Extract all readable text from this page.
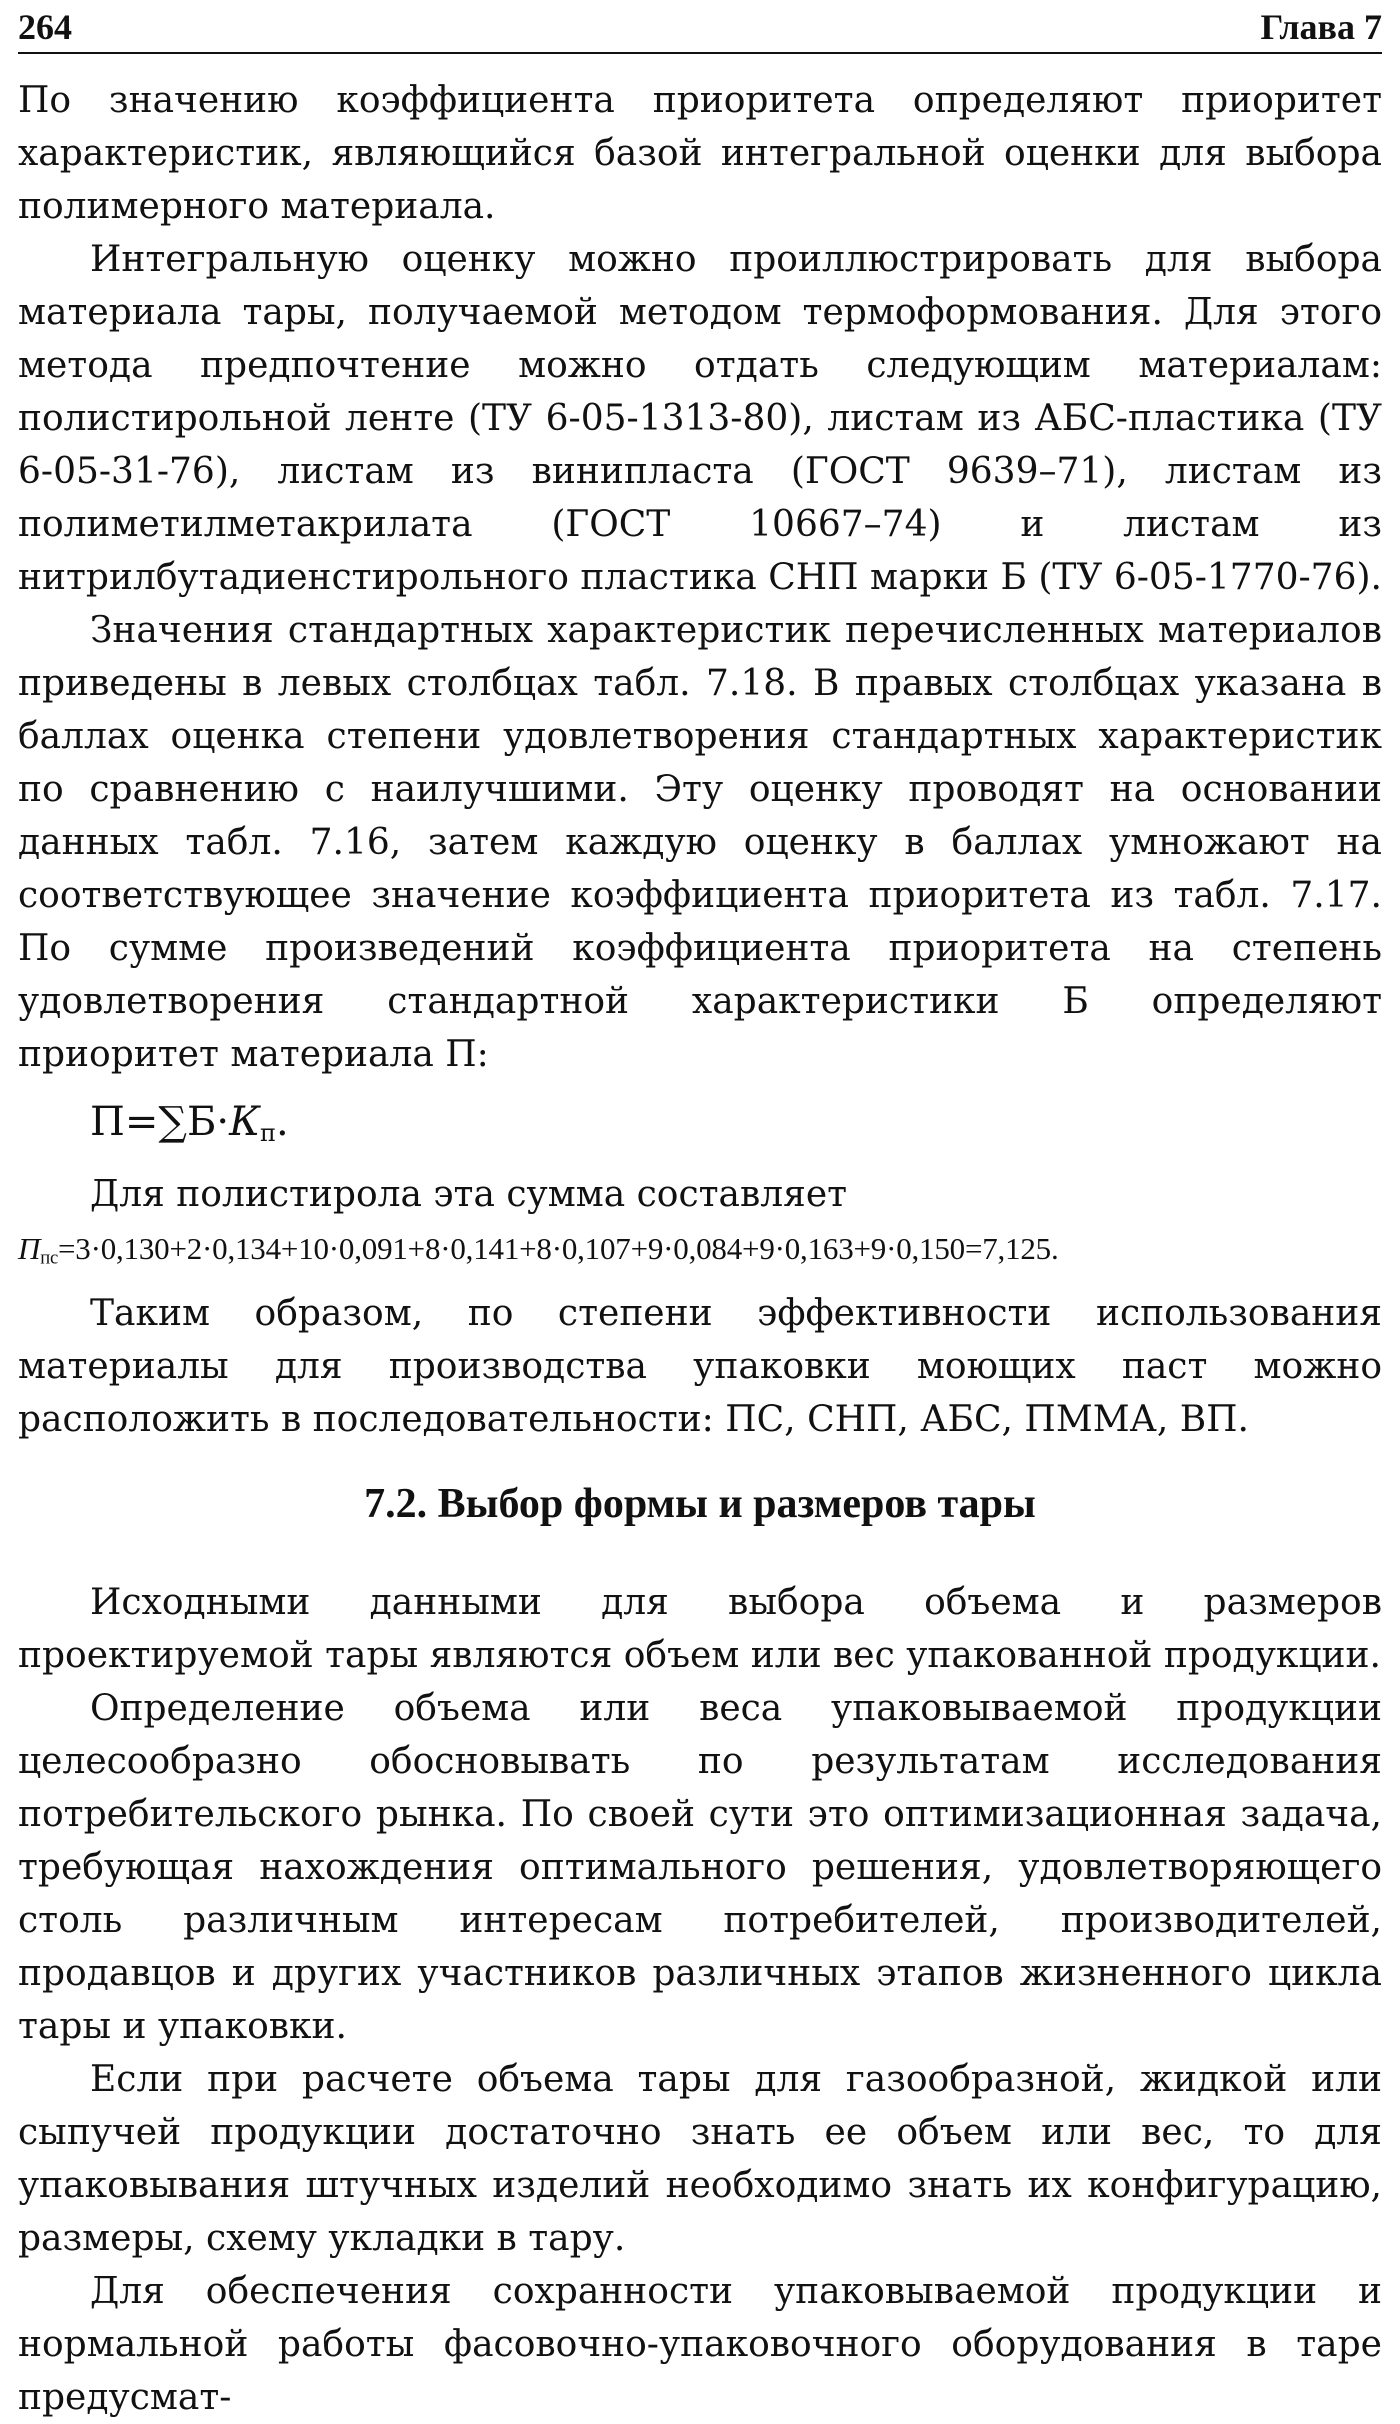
264	Глава 7

По значению коэффициента приоритета определяют приоритет характеристик, являющийся базой интегральной оценки для выбора полимерного материала.

Интегральную оценку можно проиллюстрировать для выбора материала тары, получаемой методом термоформования. Для этого метода предпочтение можно отдать следующим материалам: полистирольной ленте (ТУ 6-05-1313-80), листам из АБС-пластика (ТУ 6-05-31-76), листам из винипласта (ГОСТ 9639–71), листам из полиметилметакрилата (ГОСТ 10667–74) и листам из нитрилбутадиенстирольного пластика СНП марки Б (ТУ 6-05-1770-76).

Значения стандартных характеристик перечисленных материалов приведены в левых столбцах табл. 7.18. В правых столбцах указана в баллах оценка степени удовлетворения стандартных характеристик по сравнению с наилучшими. Эту оценку проводят на основании данных табл. 7.16, затем каждую оценку в баллах умножают на соответствующее значение коэффициента приоритета из табл. 7.17. По сумме произведений коэффициента приоритета на степень удовлетворения стандартной характеристики Б определяют приоритет материала П:

$П=\sum Б\cdot К_п$.

Для полистирола эта сумма составляет

$П_{пс}=3\cdot 0,130+2\cdot 0,134+10\cdot 0,091+8\cdot 0,141+8\cdot 0,107+9\cdot 0,084+9\cdot 0,163+9\cdot 0,150=7,125$.

Таким образом, по степени эффективности использования материалы для производства упаковки моющих паст можно расположить в последовательности: ПС, СНП, АБС, ПММА, ВП.

7.2. Выбор формы и размеров тары

Исходными данными для выбора объема и размеров проектируемой тары являются объем или вес упакованной продукции.

Определение объема или веса упаковываемой продукции целесообразно обосновывать по результатам исследования потребительского рынка. По своей сути это оптимизационная задача, требующая нахождения оптимального решения, удовлетворяющего столь различным интересам потребителей, производителей, продавцов и других участников различных этапов жизненного цикла тары и упаковки.

Если при расчете объема тары для газообразной, жидкой или сыпучей продукции достаточно знать ее объем или вес, то для упаковывания штучных изделий необходимо знать их конфигурацию, размеры, схему укладки в тару.

Для обеспечения сохранности упаковываемой продукции и нормальной работы фасовочно-упаковочного оборудования в таре предусмат-
